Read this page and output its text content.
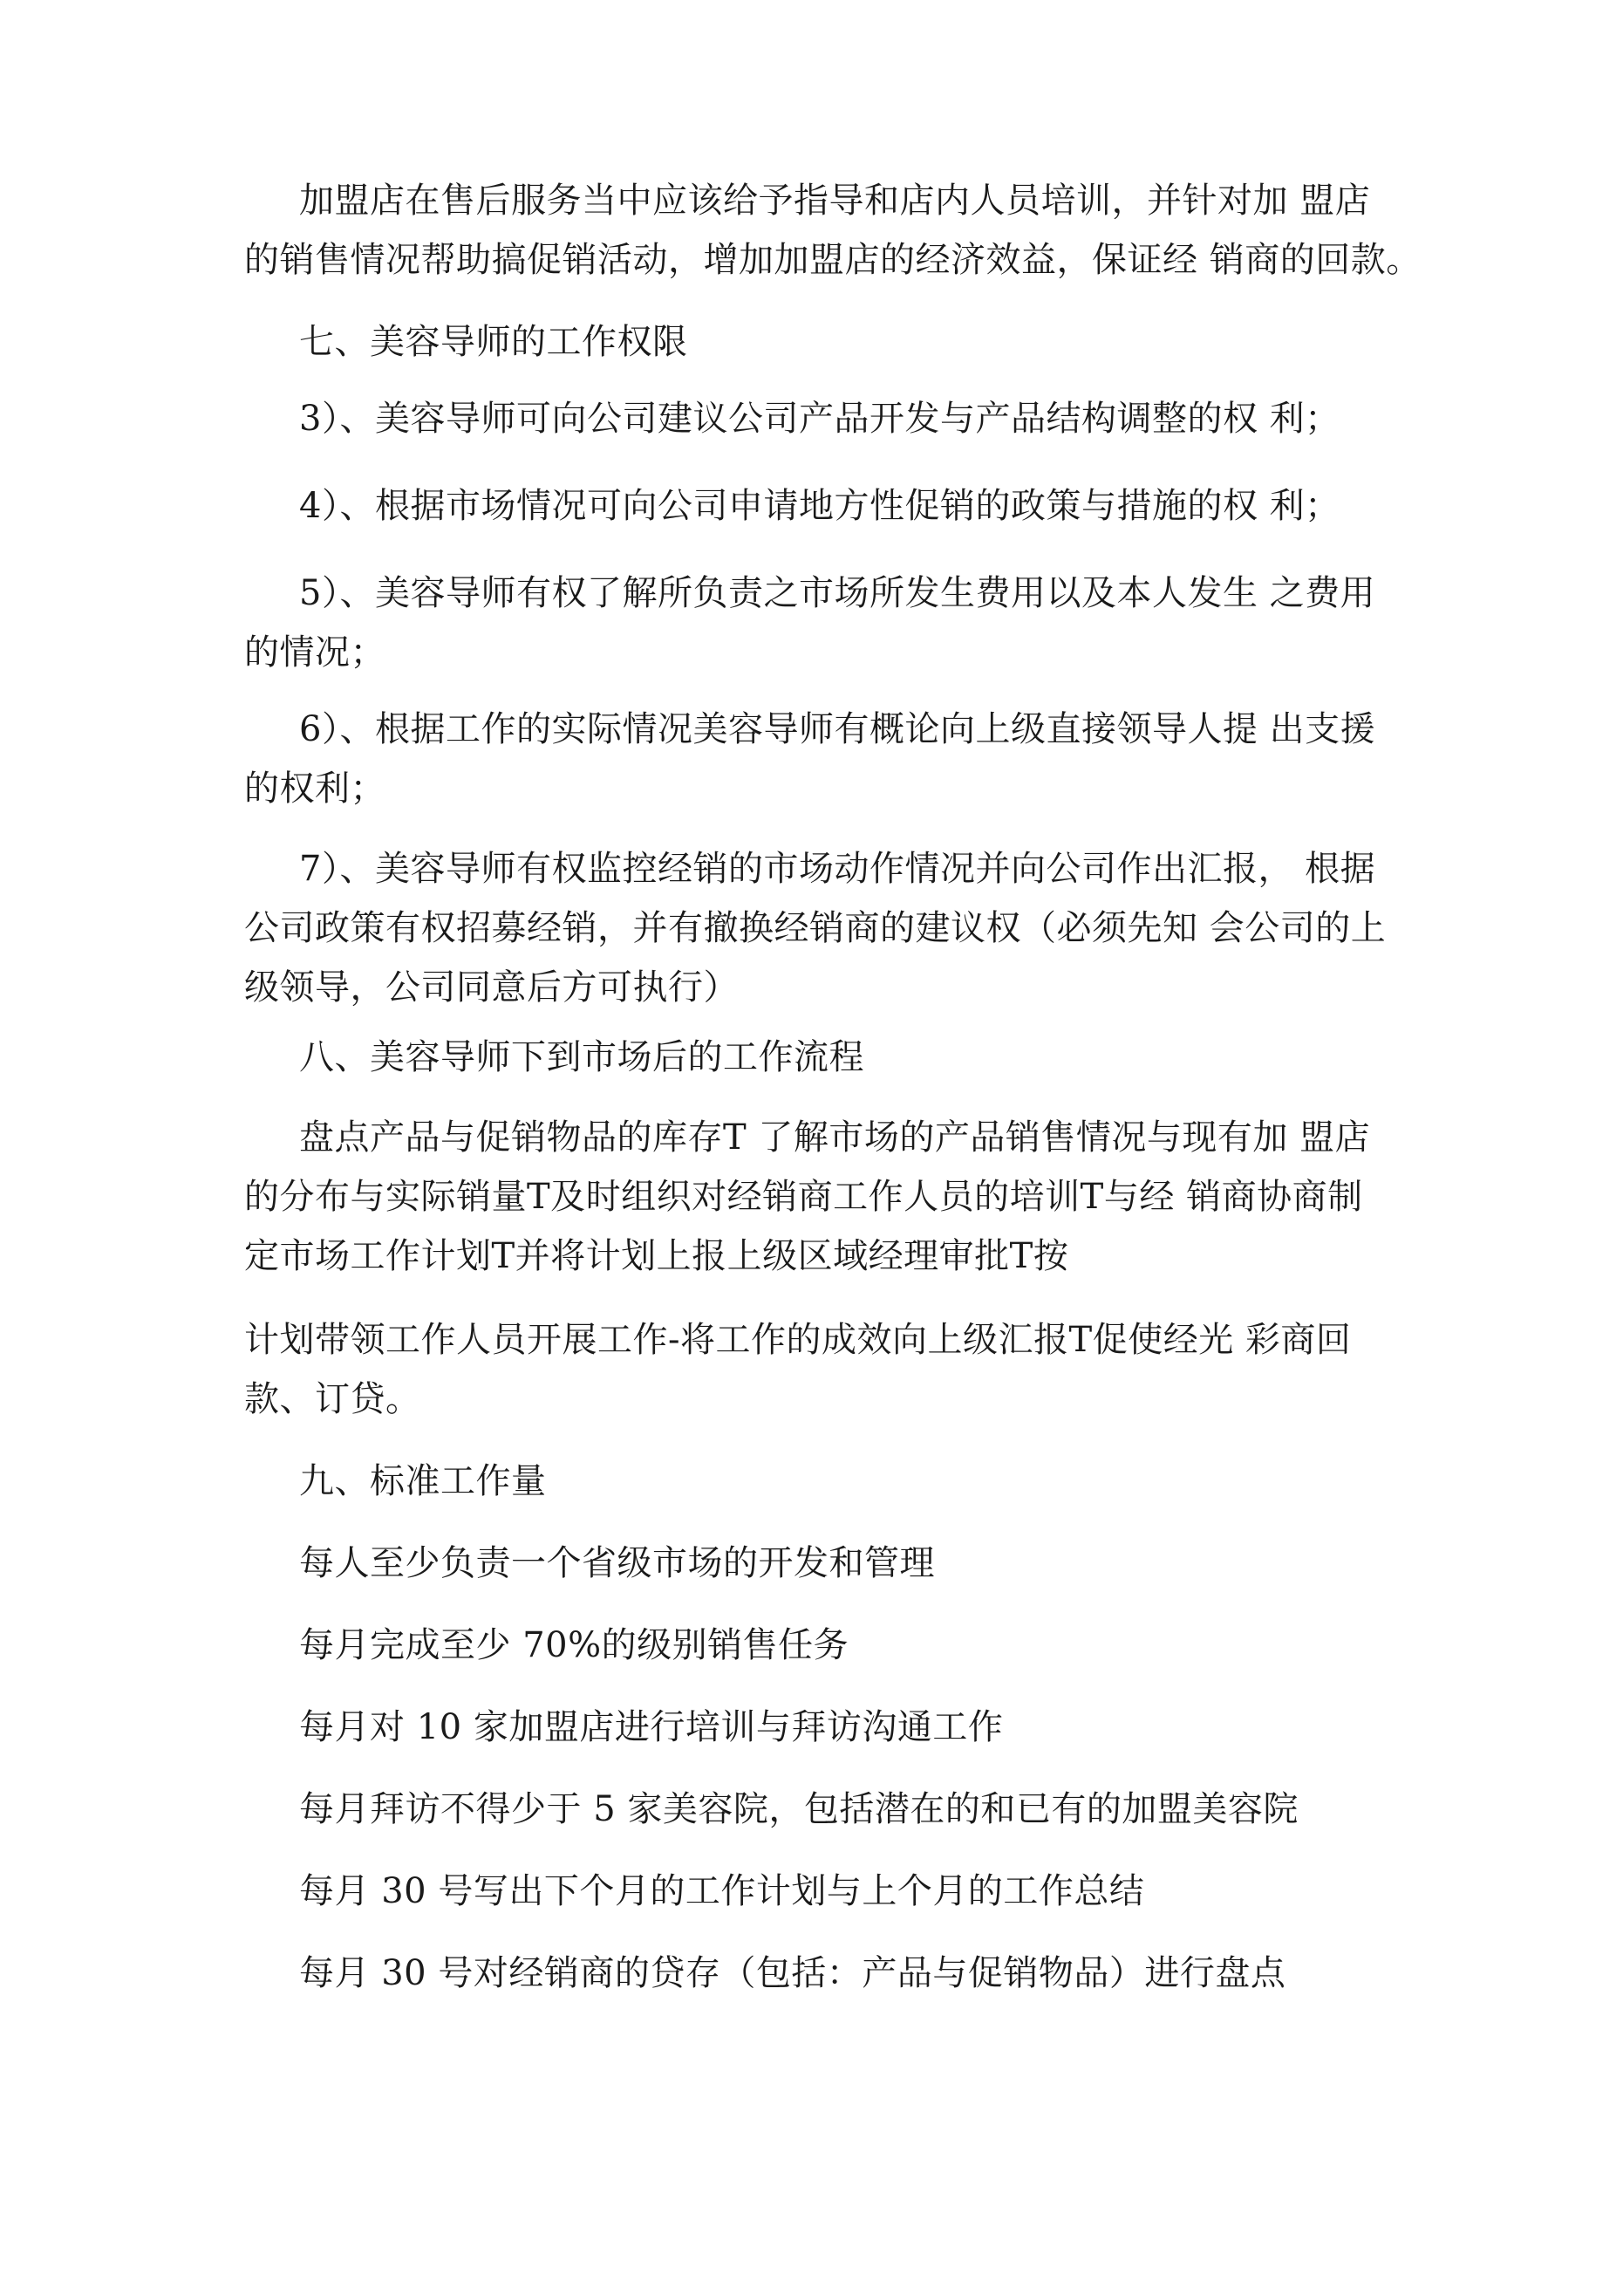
加盟店在售后服务当中应该给予指导和店内人员培训，并针对加 盟店
的销售情况帮助搞促销活动，增加加盟店的经济效益，保证经 销商的回款。

七、美容导师的工作权限

3）、美容导师可向公司建议公司产品开发与产品结构调整的权 利；

4）、根据市场情况可向公司申请地方性促销的政策与措施的权 利；

5）、美容导师有权了解所负责之市场所发生费用以及本人发生 之费用
的情况；

6）、根据工作的实际情况美容导师有概论向上级直接领导人提 出支援
的权利；

7）、美容导师有权监控经销的市场动作情况并向公司作出汇报， 根据
公司政策有权招募经销，并有撤换经销商的建议权（必须先知 会公司的上
级领导，公司同意后方可执行）

八、美容导师下到市场后的工作流程

盘点产品与促销物品的库存T 了解市场的产品销售情况与现有加 盟店
的分布与实际销量T及时组织对经销商工作人员的培训T与经 销商协商制
定市场工作计划T并将计划上报上级区域经理审批T按

计划带领工作人员开展工作-将工作的成效向上级汇报T促使经光 彩商回
款、订贷。

九、标准工作量

每人至少负责一个省级市场的开发和管理

每月完成至少 70%的级别销售任务

每月对 10 家加盟店进行培训与拜访沟通工作

每月拜访不得少于 5 家美容院，包括潜在的和已有的加盟美容院

每月 30 号写出下个月的工作计划与上个月的工作总结

每月 30 号对经销商的贷存（包括：产品与促销物品）进行盘点
